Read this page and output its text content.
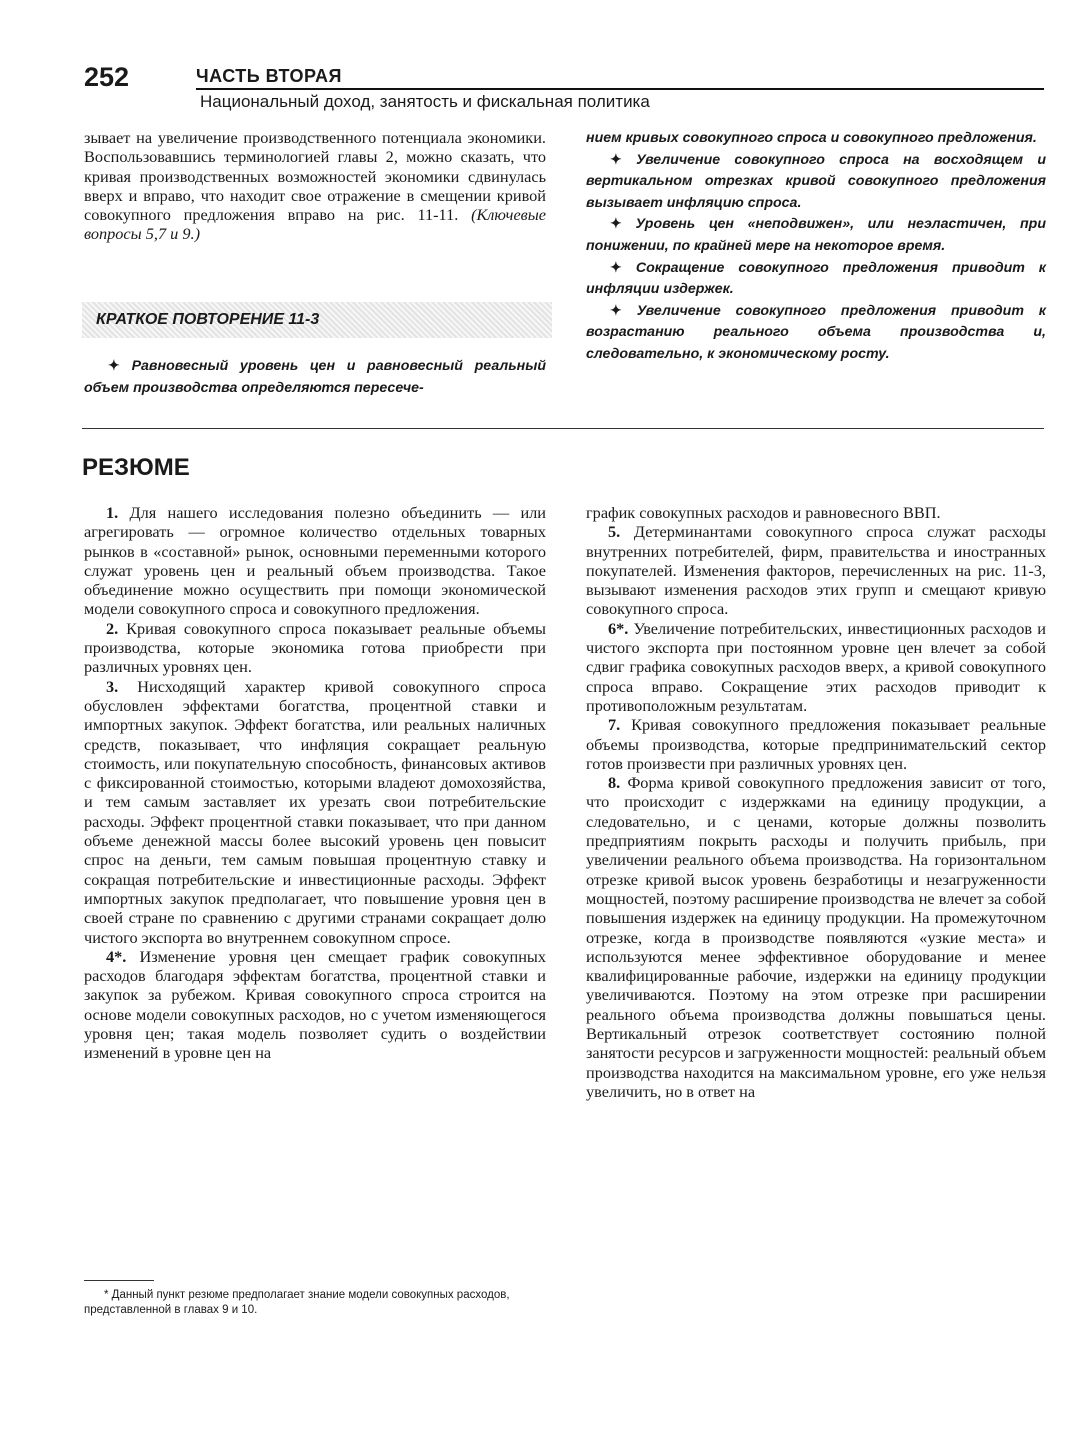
252	ЧАСТЬ ВТОРАЯ
Национальный доход, занятость и фискальная политика

зывает на увеличение производственного потенциала экономики. Воспользовавшись терминологией главы 2, можно сказать, что кривая производственных возможностей экономики сдвинулась вверх и вправо, что находит свое отражение в смещении кривой совокупного предложения вправо на рис. 11-11. (Ключевые вопросы 5,7 и 9.)

КРАТКОЕ ПОВТОРЕНИЕ 11-3

✦ Равновесный уровень цен и равновесный реальный объем производства определяются пересече-

нием кривых совокупного спроса и совокупного предложения.

✦ Увеличение совокупного спроса на восходящем и вертикальном отрезках кривой совокупного предложения вызывает инфляцию спроса.

✦ Уровень цен «неподвижен», или неэластичен, при понижении, по крайней мере на некоторое время.

✦ Сокращение совокупного предложения приводит к инфляции издержек.

✦ Увеличение совокупного предложения приводит к возрастанию реального объема производства и, следовательно, к экономическому росту.

РЕЗЮМЕ

1. Для нашего исследования полезно объединить — или агрегировать — огромное количество отдельных товарных рынков в «составной» рынок, основными переменными которого служат уровень цен и реальный объем производства. Такое объединение можно осуществить при помощи экономической модели совокупного спроса и совокупного предложения.

2. Кривая совокупного спроса показывает реальные объемы производства, которые экономика готова приобрести при различных уровнях цен.

3. Нисходящий характер кривой совокупного спроса обусловлен эффектами богатства, процентной ставки и импортных закупок. Эффект богатства, или реальных наличных средств, показывает, что инфляция сокращает реальную стоимость, или покупательную способность, финансовых активов с фиксированной стоимостью, которыми владеют домохозяйства, и тем самым заставляет их урезать свои потребительские расходы. Эффект процентной ставки показывает, что при данном объеме денежной массы более высокий уровень цен повысит спрос на деньги, тем самым повышая процентную ставку и сокращая потребительские и инвестиционные расходы. Эффект импортных закупок предполагает, что повышение уровня цен в своей стране по сравнению с другими странами сокращает долю чистого экспорта во внутреннем совокупном спросе.

4*. Изменение уровня цен смещает график совокупных расходов благодаря эффектам богатства, процентной ставки и закупок за рубежом. Кривая совокупного спроса строится на основе модели совокупных расходов, но с учетом изменяющегося уровня цен; такая модель позволяет судить о воздействии изменений в уровне цен на

график совокупных расходов и равновесного ВВП.

5. Детерминантами совокупного спроса служат расходы внутренних потребителей, фирм, правительства и иностранных покупателей. Изменения факторов, перечисленных на рис. 11-3, вызывают изменения расходов этих групп и смещают кривую совокупного спроса.

6*. Увеличение потребительских, инвестиционных расходов и чистого экспорта при постоянном уровне цен влечет за собой сдвиг графика совокупных расходов вверх, а кривой совокупного спроса вправо. Сокращение этих расходов приводит к противоположным результатам.

7. Кривая совокупного предложения показывает реальные объемы производства, которые предпринимательский сектор готов произвести при различных уровнях цен.

8. Форма кривой совокупного предложения зависит от того, что происходит с издержками на единицу продукции, а следовательно, и с ценами, которые должны позволить предприятиям покрыть расходы и получить прибыль, при увеличении реального объема производства. На горизонтальном отрезке кривой высок уровень безработицы и незагруженности мощностей, поэтому расширение производства не влечет за собой повышения издержек на единицу продукции. На промежуточном отрезке, когда в производстве появляются «узкие места» и используются менее эффективное оборудование и менее квалифицированные рабочие, издержки на единицу продукции увеличиваются. Поэтому на этом отрезке при расширении реального объема производства должны повышаться цены. Вертикальный отрезок соответствует состоянию полной занятости ресурсов и загруженности мощностей: реальный объем производства находится на максимальном уровне, его уже нельзя увеличить, но в ответ на

* Данный пункт резюме предполагает знание модели совокупных расходов, представленной в главах 9 и 10.
